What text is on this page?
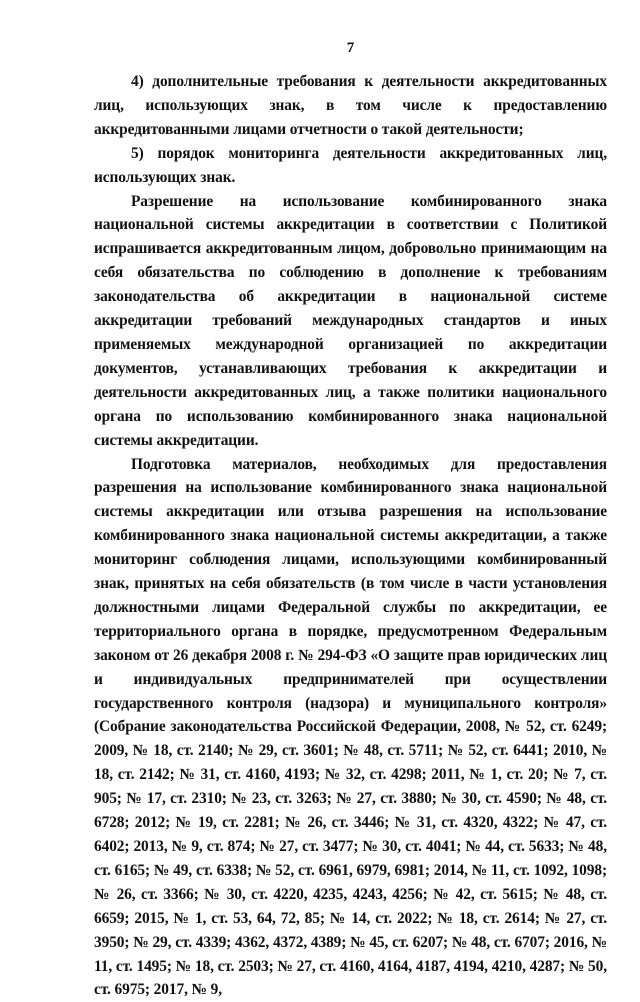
7

4) дополнительные требования к деятельности аккредитованных лиц, использующих знак, в том числе к предоставлению аккредитованными лицами отчетности о такой деятельности;

5) порядок мониторинга деятельности аккредитованных лиц, использующих знак.

Разрешение на использование комбинированного знака национальной системы аккредитации в соответствии с Политикой испрашивается аккредитованным лицом, добровольно принимающим на себя обязательства по соблюдению в дополнение к требованиям законодательства об аккредитации в национальной системе аккредитации требований международных стандартов и иных применяемых международной организацией по аккредитации документов, устанавливающих требования к аккредитации и деятельности аккредитованных лиц, а также политики национального органа по использованию комбинированного знака национальной системы аккредитации.

Подготовка материалов, необходимых для предоставления разрешения на использование комбинированного знака национальной системы аккредитации или отзыва разрешения на использование комбинированного знака национальной системы аккредитации, а также мониторинг соблюдения лицами, использующими комбинированный знак, принятых на себя обязательств (в том числе в части установления должностными лицами Федеральной службы по аккредитации, ее территориального органа в порядке, предусмотренном Федеральным законом от 26 декабря 2008 г. № 294-ФЗ «О защите прав юридических лиц и индивидуальных предпринимателей при осуществлении государственного контроля (надзора) и муниципального контроля» (Собрание законодательства Российской Федерации, 2008, № 52, ст. 6249; 2009, № 18, ст. 2140; № 29, ст. 3601; № 48, ст. 5711; № 52, ст. 6441; 2010, № 18, ст. 2142; № 31, ст. 4160, 4193; № 32, ст. 4298; 2011, № 1, ст. 20; № 7, ст. 905; № 17, ст. 2310; № 23, ст. 3263; № 27, ст. 3880; № 30, ст. 4590; № 48, ст. 6728; 2012; № 19, ст. 2281; № 26, ст. 3446; № 31, ст. 4320, 4322; № 47, ст. 6402; 2013, № 9, ст. 874; № 27, ст. 3477; № 30, ст. 4041; № 44, ст. 5633; № 48, ст. 6165; № 49, ст. 6338; № 52, ст. 6961, 6979, 6981; 2014, № 11, ст. 1092, 1098; № 26, ст. 3366; № 30, ст. 4220, 4235, 4243, 4256; № 42, ст. 5615; № 48, ст. 6659; 2015, № 1, ст. 53, 64, 72, 85; № 14, ст. 2022; № 18, ст. 2614; № 27, ст. 3950; № 29, ст. 4339; 4362, 4372, 4389; № 45, ст. 6207; № 48, ст. 6707; 2016, № 11, ст. 1495; № 18, ст. 2503; № 27, ст. 4160, 4164, 4187, 4194, 4210, 4287; № 50, ст. 6975; 2017, № 9,
